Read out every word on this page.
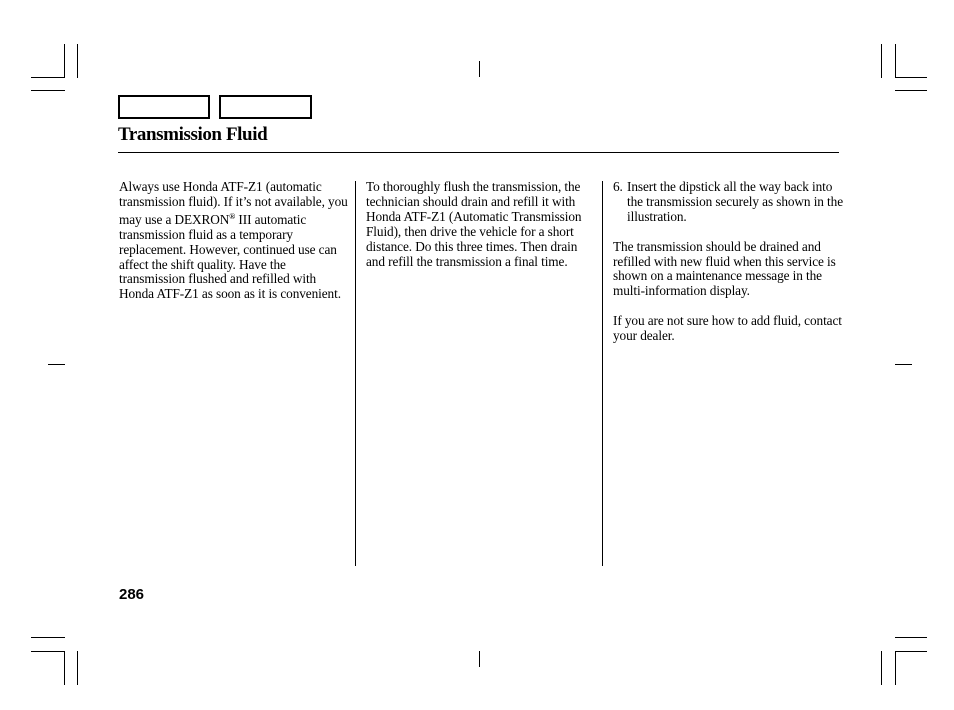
Transmission Fluid

Always use Honda ATF-Z1 (automatic transmission fluid). If it’s not available, you may use a DEXRON® III automatic transmission fluid as a temporary replacement. However, continued use can affect the shift quality. Have the transmission flushed and refilled with Honda ATF-Z1 as soon as it is convenient.

To thoroughly flush the transmission, the technician should drain and refill it with Honda ATF-Z1 (Automatic Transmission Fluid), then drive the vehicle for a short distance. Do this three times. Then drain and refill the transmission a final time.

6. Insert the dipstick all the way back into the transmission securely as shown in the illustration.

The transmission should be drained and refilled with new fluid when this service is shown on a maintenance message in the multi-information display.

If you are not sure how to add fluid, contact your dealer.

286
